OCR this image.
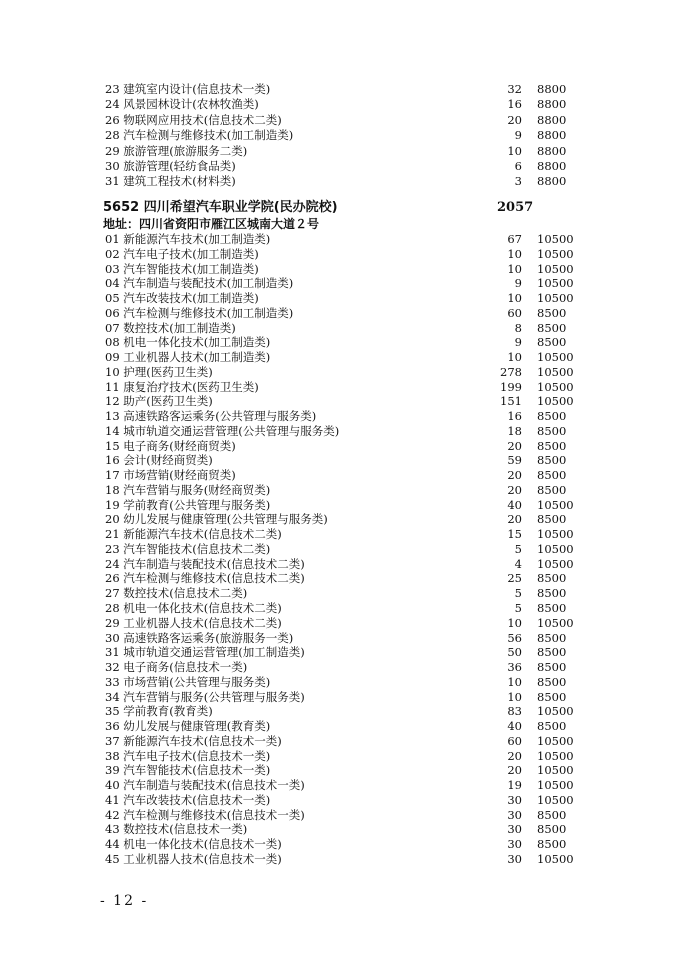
23 建筑室内设计(信息技术一类)	32 8800
24 风景园林设计(农林牧渔类)	16 8800
26 物联网应用技术(信息技术二类)	20 8800
28 汽车检测与维修技术(加工制造类)	9 8800
29 旅游管理(旅游服务二类)	10 8800
30 旅游管理(轻纺食品类)	6 8800
31 建筑工程技术(材料类)	3 8800
5652 四川希望汽车职业学院(民办院校)	2057
地址：四川省资阳市雁江区城南大道２号
01 新能源汽车技术(加工制造类)	67 10500
02 汽车电子技术(加工制造类)	10 10500
03 汽车智能技术(加工制造类)	10 10500
04 汽车制造与装配技术(加工制造类)	9 10500
05 汽车改装技术(加工制造类)	10 10500
06 汽车检测与维修技术(加工制造类)	60 8500
07 数控技术(加工制造类)	8 8500
08 机电一体化技术(加工制造类)	9 8500
09 工业机器人技术(加工制造类)	10 10500
10 护理(医药卫生类)	278 10500
11 康复治疗技术(医药卫生类)	199 10500
12 助产(医药卫生类)	151 10500
13 高速铁路客运乘务(公共管理与服务类)	16 8500
14 城市轨道交通运营管理(公共管理与服务类)	18 8500
15 电子商务(财经商贸类)	20 8500
16 会计(财经商贸类)	59 8500
17 市场营销(财经商贸类)	20 8500
18 汽车营销与服务(财经商贸类)	20 8500
19 学前教育(公共管理与服务类)	40 10500
20 幼儿发展与健康管理(公共管理与服务类)	20 8500
21 新能源汽车技术(信息技术二类)	15 10500
23 汽车智能技术(信息技术二类)	5 10500
24 汽车制造与装配技术(信息技术二类)	4 10500
26 汽车检测与维修技术(信息技术二类)	25 8500
27 数控技术(信息技术二类)	5 8500
28 机电一体化技术(信息技术二类)	5 8500
29 工业机器人技术(信息技术二类)	10 10500
30 高速铁路客运乘务(旅游服务一类)	56 8500
31 城市轨道交通运营管理(加工制造类)	50 8500
32 电子商务(信息技术一类)	36 8500
33 市场营销(公共管理与服务类)	10 8500
34 汽车营销与服务(公共管理与服务类)	10 8500
35 学前教育(教育类)	83 10500
36 幼儿发展与健康管理(教育类)	40 8500
37 新能源汽车技术(信息技术一类)	60 10500
38 汽车电子技术(信息技术一类)	20 10500
39 汽车智能技术(信息技术一类)	20 10500
40 汽车制造与装配技术(信息技术一类)	19 10500
41 汽车改装技术(信息技术一类)	30 10500
42 汽车检测与维修技术(信息技术一类)	30 8500
43 数控技术(信息技术一类)	30 8500
44 机电一体化技术(信息技术一类)	30 8500
45 工业机器人技术(信息技术一类)	30 10500
- 12 -
